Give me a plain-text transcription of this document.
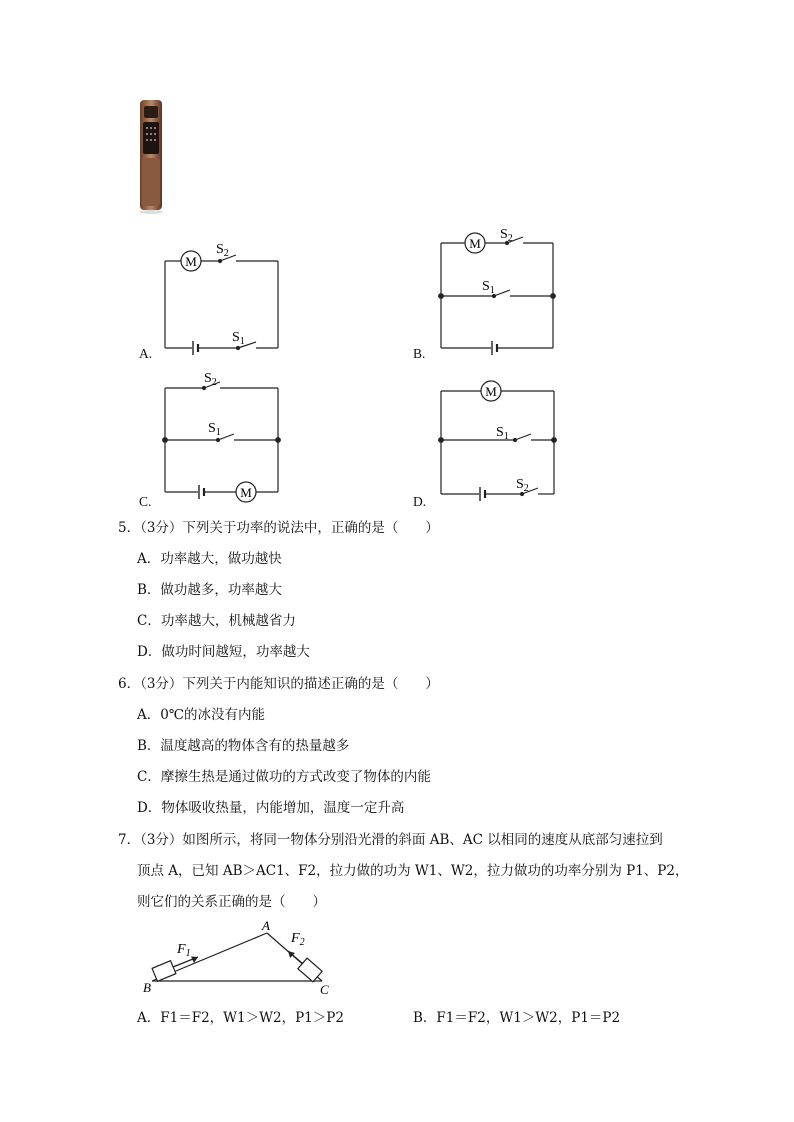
M
$S_2$
$S_1$
A.
M
$S_2$
$S_1$
B.
$S_2$
$S_1$
M
C.
M
$S_1$
$S_2$
D.
5．（3分）下列关于功率的说法中，正确的是（　　）
A．功率越大，做功越快
B．做功越多，功率越大
C．功率越大，机械越省力
D．做功时间越短，功率越大
6．（3分）下列关于内能知识的描述正确的是（　　）
A．0℃的冰没有内能
B．温度越高的物体含有的热量越多
C．摩擦生热是通过做功的方式改变了物体的内能
D．物体吸收热量，内能增加，温度一定升高
7．（3分）如图所示，将同一物体分别沿光滑的斜面 AB、AC 以相同的速度从底部匀速拉到
顶点 A，已知 AB＞AC1、F2，拉力做的功为 W1、W2，拉力做功的功率分别为 P1、P2，
则它们的关系正确的是（　　）
$F_1$
$F_2$
A
B	C
A．F1＝F2，W1＞W2，P1＞P2	B．F1＝F2，W1＞W2，P1＝P2
